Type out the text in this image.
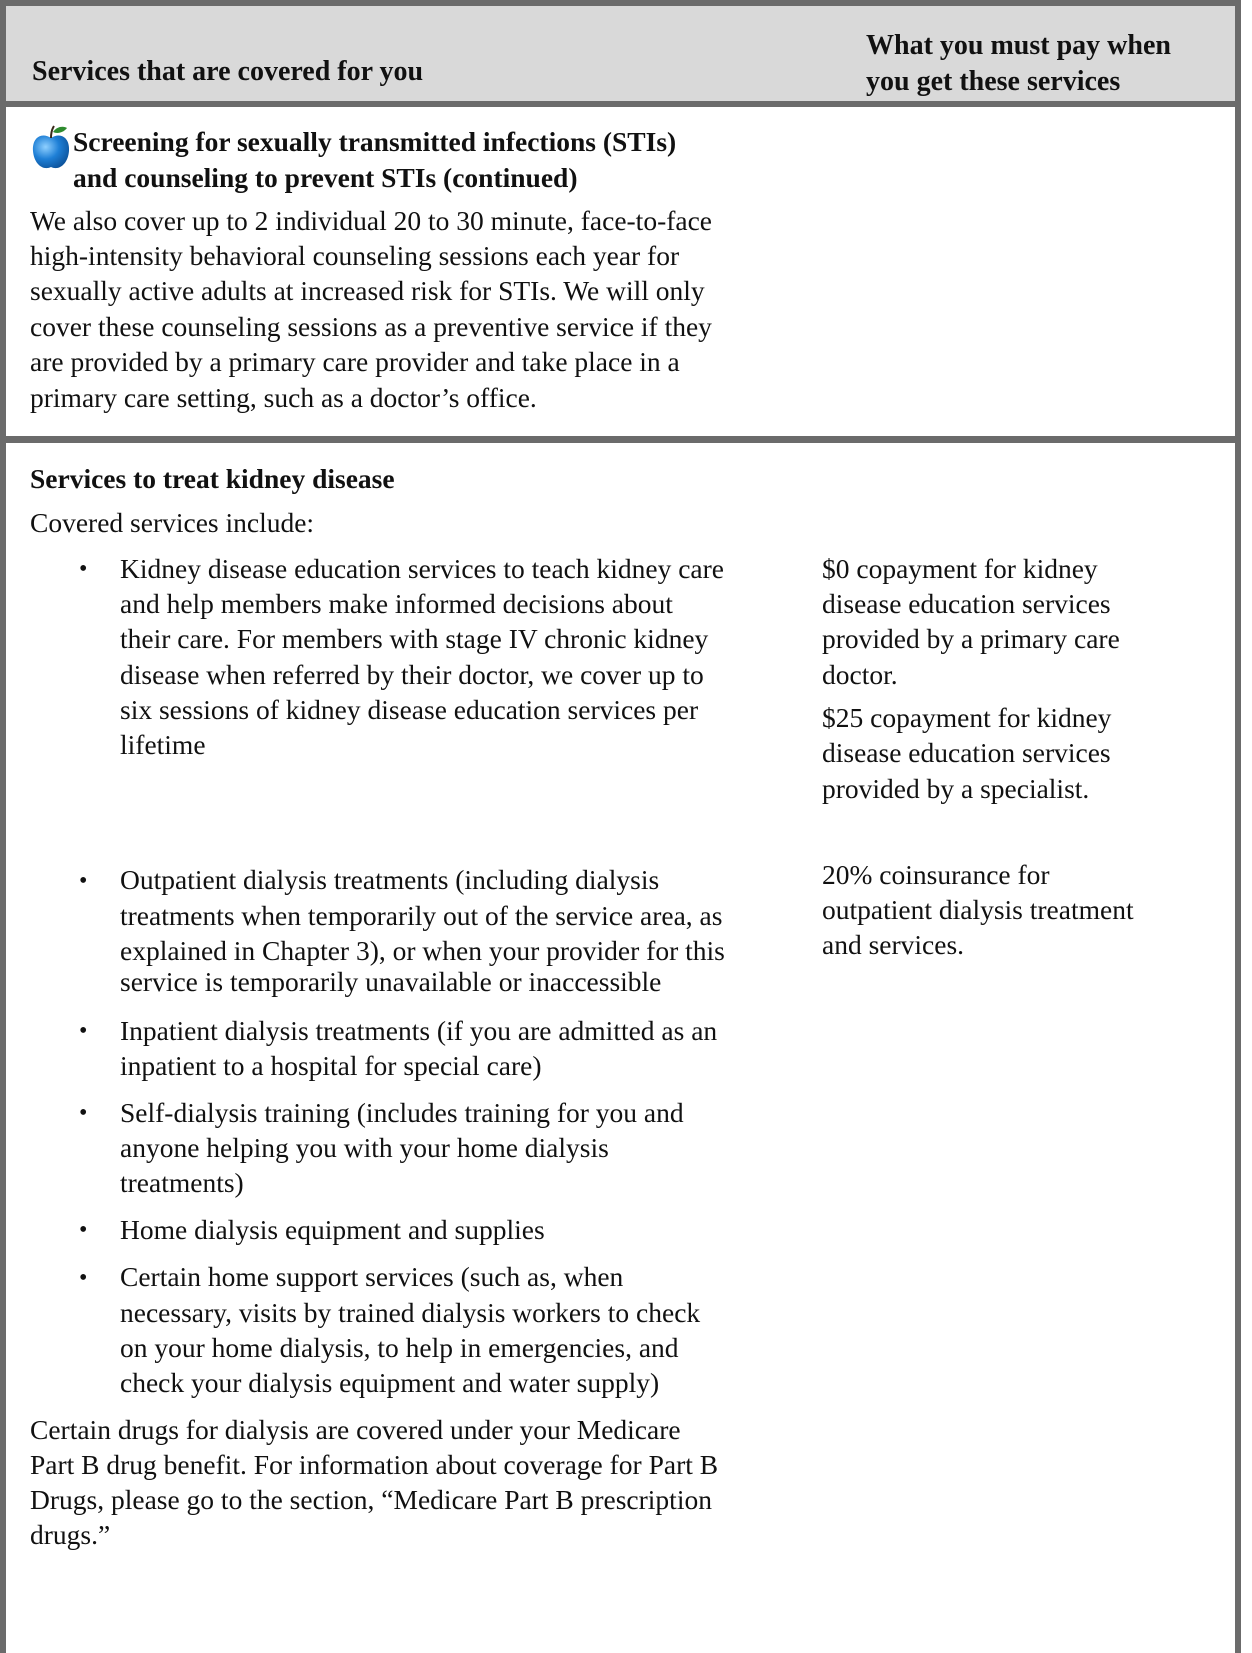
Services that are covered for you
What you must pay when
you get these services
Screening for sexually transmitted infections (STIs)
and counseling to prevent STIs (continued)
We also cover up to 2 individual 20 to 30 minute, face-to-face
high-intensity behavioral counseling sessions each year for
sexually active adults at increased risk for STIs. We will only
cover these counseling sessions as a preventive service if they
are provided by a primary care provider and take place in a
primary care setting, such as a doctor’s office.
Services to treat kidney disease
Covered services include:
• Kidney disease education services to teach kidney care
and help members make informed decisions about
their care. For members with stage IV chronic kidney
disease when referred by their doctor, we cover up to
six sessions of kidney disease education services per
lifetime
$0 copayment for kidney
disease education services
provided by a primary care
doctor.
$25 copayment for kidney
disease education services
provided by a specialist.
• Outpatient dialysis treatments (including dialysis
treatments when temporarily out of the service area, as
explained in Chapter 3), or when your provider for this
service is temporarily unavailable or inaccessible
20% coinsurance for
outpatient dialysis treatment
and services.
• Inpatient dialysis treatments (if you are admitted as an
inpatient to a hospital for special care)
• Self-dialysis training (includes training for you and
anyone helping you with your home dialysis
treatments)
• Home dialysis equipment and supplies
• Certain home support services (such as, when
necessary, visits by trained dialysis workers to check
on your home dialysis, to help in emergencies, and
check your dialysis equipment and water supply)
Certain drugs for dialysis are covered under your Medicare
Part B drug benefit. For information about coverage for Part B
Drugs, please go to the section, “Medicare Part B prescription
drugs.”
